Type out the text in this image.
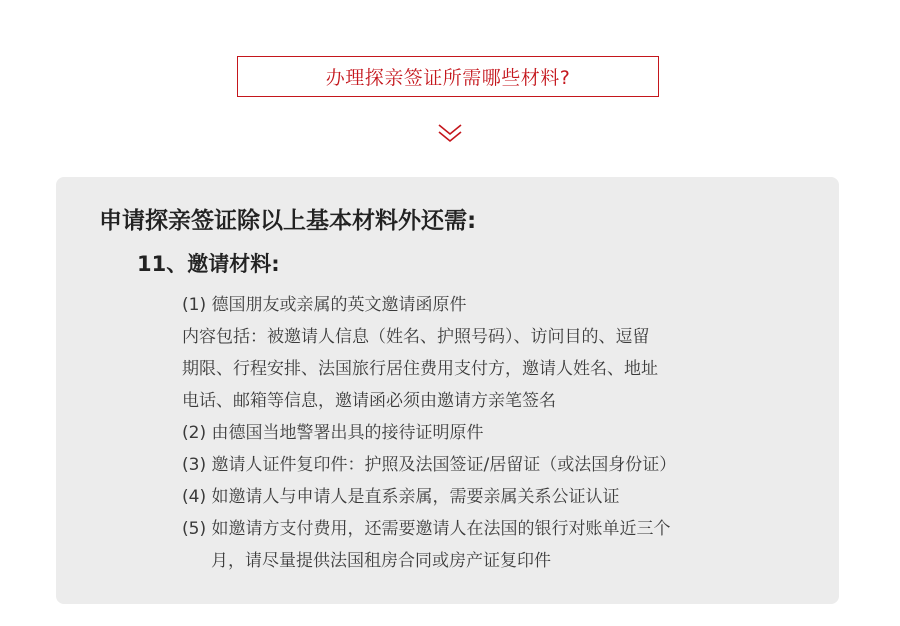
办理探亲签证所需哪些材料?
申请探亲签证除以上基本材料外还需:
11、邀请材料:
(1) 德国朋友或亲属的英文邀请函原件
内容包括：被邀请人信息（姓名、护照号码）、访问目的、逗留
期限、行程安排、法国旅行居住费用支付方，邀请人姓名、地址
电话、邮箱等信息，邀请函必须由邀请方亲笔签名
(2) 由德国当地警署出具的接待证明原件
(3) 邀请人证件复印件：护照及法国签证/居留证（或法国身份证）
(4) 如邀请人与申请人是直系亲属，需要亲属关系公证认证
(5) 如邀请方支付费用，还需要邀请人在法国的银行对账单近三个
月，请尽量提供法国租房合同或房产证复印件
